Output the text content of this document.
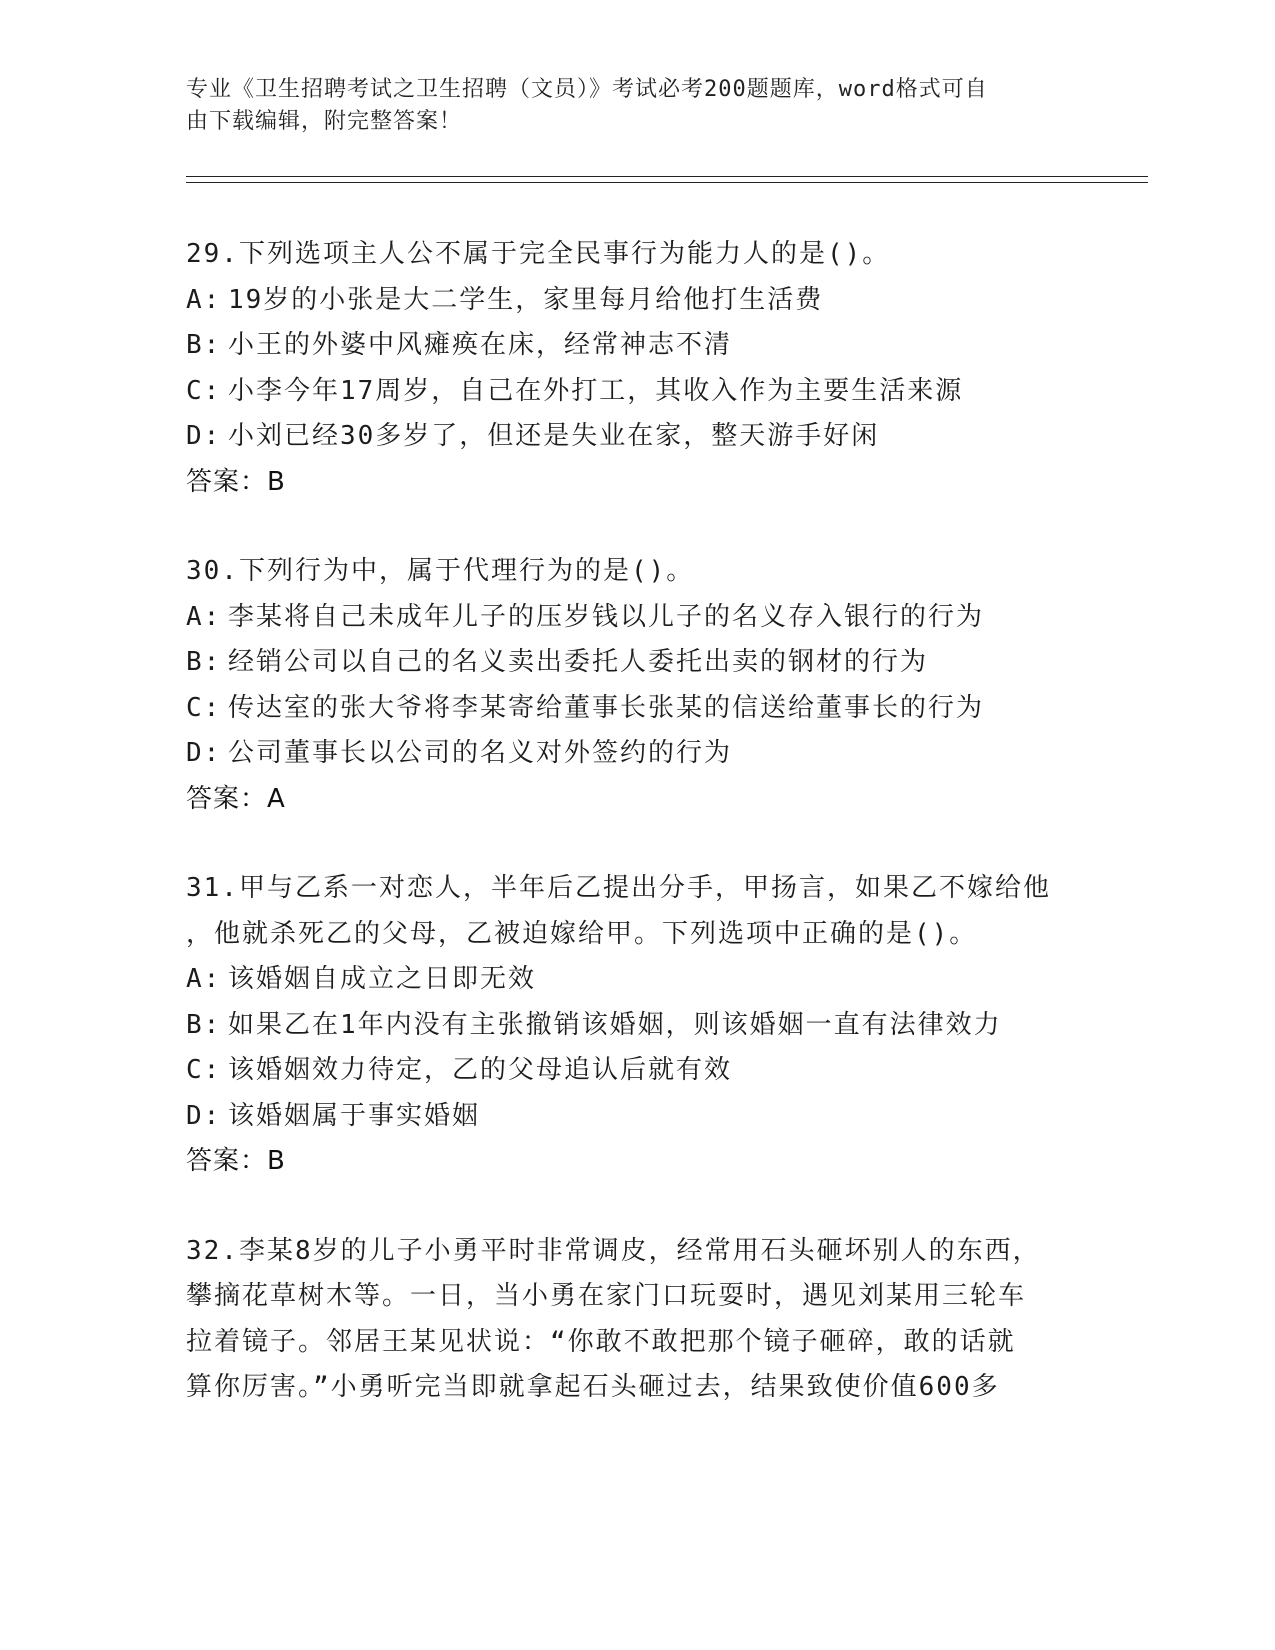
专业《卫生招聘考试之卫生招聘（文员）》考试必考200题题库，word格式可自
由下载编辑，附完整答案！
29.下列选项主人公不属于完全民事行为能力人的是()。
A: 19岁的小张是大二学生，家里每月给他打生活费
B: 小王的外婆中风瘫痪在床，经常神志不清
C: 小李今年17周岁，自己在外打工，其收入作为主要生活来源
D: 小刘已经30多岁了，但还是失业在家，整天游手好闲
答案：B
30.下列行为中，属于代理行为的是()。
A: 李某将自己未成年儿子的压岁钱以儿子的名义存入银行的行为
B: 经销公司以自己的名义卖出委托人委托出卖的钢材的行为
C: 传达室的张大爷将李某寄给董事长张某的信送给董事长的行为
D: 公司董事长以公司的名义对外签约的行为
答案：A
31.甲与乙系一对恋人，半年后乙提出分手，甲扬言，如果乙不嫁给他
，他就杀死乙的父母，乙被迫嫁给甲。下列选项中正确的是()。
A: 该婚姻自成立之日即无效
B: 如果乙在1年内没有主张撤销该婚姻，则该婚姻一直有法律效力
C: 该婚姻效力待定，乙的父母追认后就有效
D: 该婚姻属于事实婚姻
答案：B
32.李某8岁的儿子小勇平时非常调皮，经常用石头砸坏别人的东西，
攀摘花草树木等。一日，当小勇在家门口玩耍时，遇见刘某用三轮车
拉着镜子。邻居王某见状说：“你敢不敢把那个镜子砸碎，敢的话就
算你厉害。”小勇听完当即就拿起石头砸过去，结果致使价值600多
